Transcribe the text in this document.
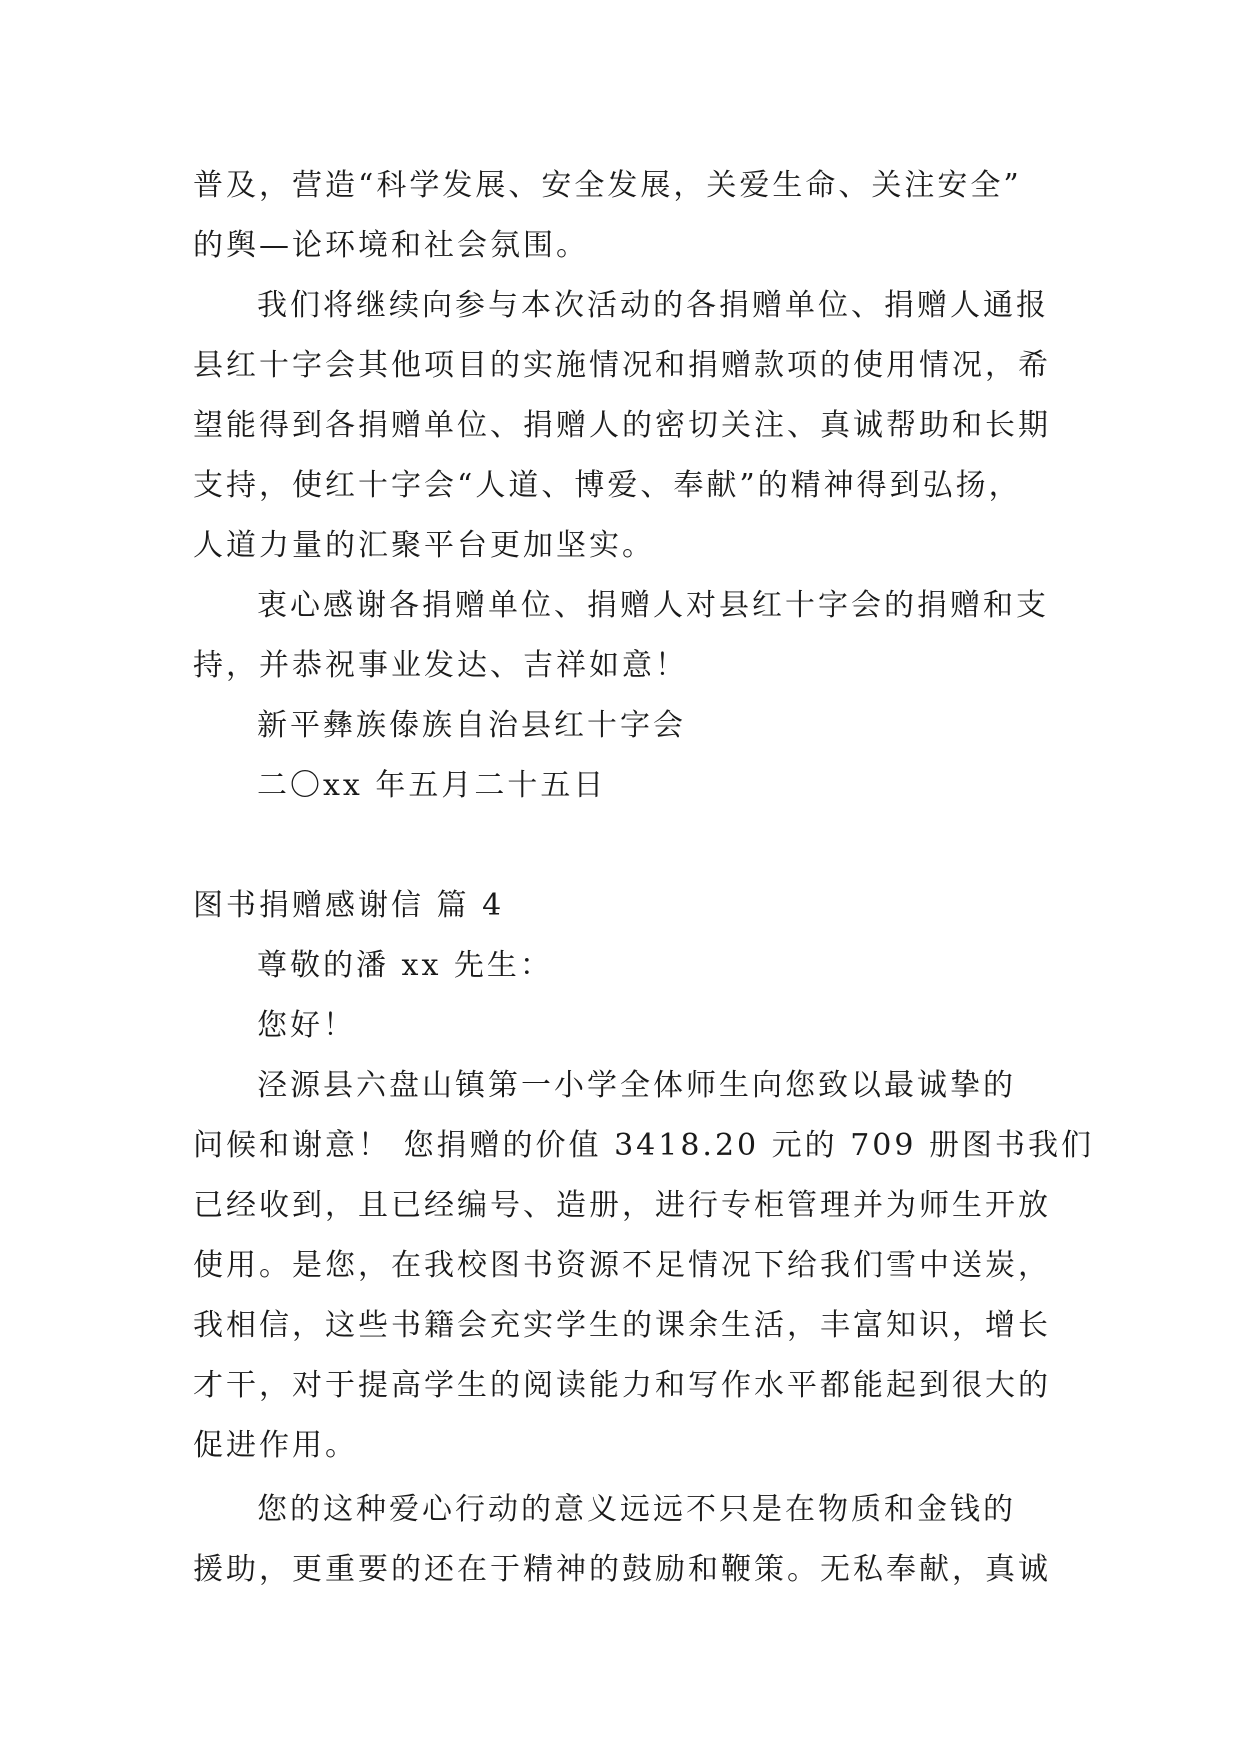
普及，营造“科学发展、安全发展，关爱生命、关注安全”
的舆—论环境和社会氛围。
我们将继续向参与本次活动的各捐赠单位、捐赠人通报
县红十字会其他项目的实施情况和捐赠款项的使用情况，希
望能得到各捐赠单位、捐赠人的密切关注、真诚帮助和长期
支持，使红十字会“人道、博爱、奉献”的精神得到弘扬，
人道力量的汇聚平台更加坚实。
衷心感谢各捐赠单位、捐赠人对县红十字会的捐赠和支
持，并恭祝事业发达、吉祥如意！
新平彝族傣族自治县红十字会
二〇xx 年五月二十五日
图书捐赠感谢信 篇 4
尊敬的潘 xx 先生：
您好！
泾源县六盘山镇第一小学全体师生向您致以最诚挚的
问候和谢意！ 您捐赠的价值 3418.20 元的 709 册图书我们
已经收到，且已经编号、造册，进行专柜管理并为师生开放
使用。是您，在我校图书资源不足情况下给我们雪中送炭，
我相信，这些书籍会充实学生的课余生活，丰富知识，增长
才干，对于提高学生的阅读能力和写作水平都能起到很大的
促进作用。
您的这种爱心行动的意义远远不只是在物质和金钱的
援助，更重要的还在于精神的鼓励和鞭策。无私奉献，真诚
